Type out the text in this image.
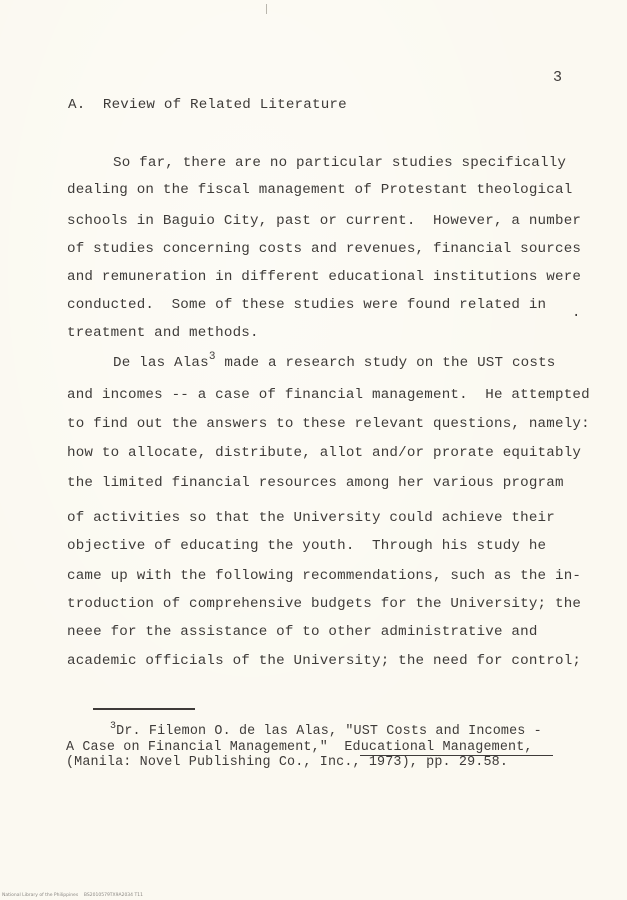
3
A.  Review of Related Literature
So far, there are no particular studies specifically
dealing on the fiscal management of Protestant theological
schools in Baguio City, past or current.  However, a number
of studies concerning costs and revenues, financial sources
and remuneration in different educational institutions were
conducted.  Some of these studies were found related in .
treatment and methods.
De las Alas$^3$ made a research study on the UST costs
and incomes -- a case of financial management.  He attempted
to find out the answers to these relevant questions, namely:
how to allocate, distribute, allot and/or prorate equitably
the limited financial resources among her various program
of activities so that the University could achieve their
objective of educating the youth.  Through his study he
came up with the following recommendations, such as the in-
troduction of comprehensive budgets for the University; the
neee for the assistance of to other administrative and
academic officials of the University; the need for control;
$^3$Dr. Filemon O. de las Alas, "UST Costs and Incomes -
A Case on Financial Management,"  Educational Management,
(Manila: Novel Publishing Co., Inc., 1973), pp. 29.58.
National Library of the Philippines    BS2010579TX9A2034 T11
